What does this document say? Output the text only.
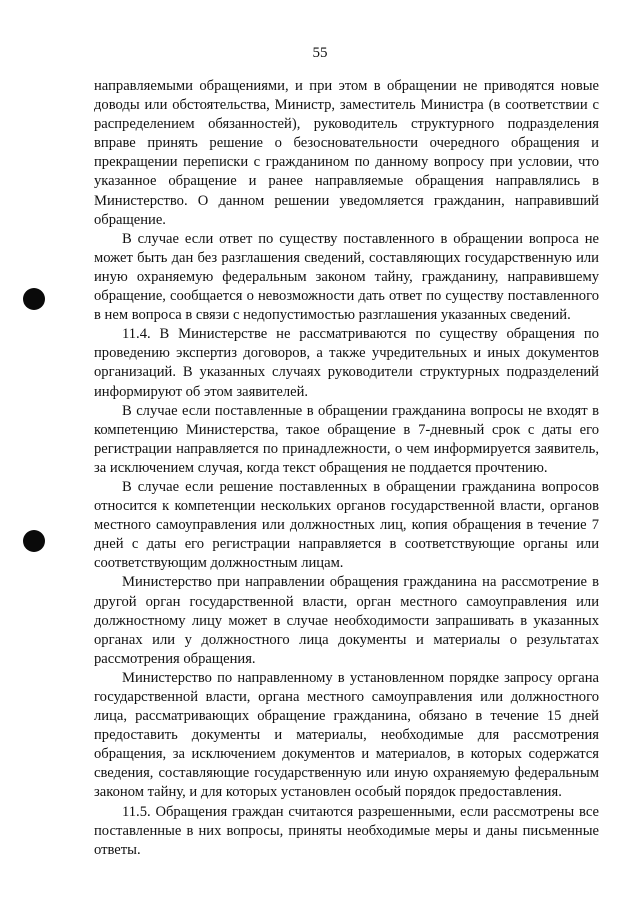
55

направляемыми обращениями, и при этом в обращении не приводятся новые доводы или обстоятельства, Министр, заместитель Министра (в соответствии с распределением обязанностей), руководитель структурного подразделения вправе принять решение о безосновательности очередного обращения и прекращении переписки с гражданином по данному вопросу при условии, что указанное обращение и ранее направляемые обращения направлялись в Министерство. О данном решении уведомляется гражданин, направивший обращение.

В случае если ответ по существу поставленного в обращении вопроса не может быть дан без разглашения сведений, составляющих государственную или иную охраняемую федеральным законом тайну, гражданину, направившему обращение, сообщается о невозможности дать ответ по существу поставленного в нем вопроса в связи с недопустимостью разглашения указанных сведений.

11.4. В Министерстве не рассматриваются по существу обращения по проведению экспертиз договоров, а также учредительных и иных документов организаций. В указанных случаях руководители структурных подразделений информируют об этом заявителей.

В случае если поставленные в обращении гражданина вопросы не входят в компетенцию Министерства, такое обращение в 7-дневный срок с даты его регистрации направляется по принадлежности, о чем информируется заявитель, за исключением случая, когда текст обращения не поддается прочтению.

В случае если решение поставленных в обращении гражданина вопросов относится к компетенции нескольких органов государственной власти, органов местного самоуправления или должностных лиц, копия обращения в течение 7 дней с даты его регистрации направляется в соответствующие органы или соответствующим должностным лицам.

Министерство при направлении обращения гражданина на рассмотрение в другой орган государственной власти, орган местного самоуправления или должностному лицу может в случае необходимости запрашивать в указанных органах или у должностного лица документы и материалы о результатах рассмотрения обращения.

Министерство по направленному в установленном порядке запросу органа государственной власти, органа местного самоуправления или должностного лица, рассматривающих обращение гражданина, обязано в течение 15 дней предоставить документы и материалы, необходимые для рассмотрения обращения, за исключением документов и материалов, в которых содержатся сведения, составляющие государственную или иную охраняемую федеральным законом тайну, и для которых установлен особый порядок предоставления.

11.5. Обращения граждан считаются разрешенными, если рассмотрены все поставленные в них вопросы, приняты необходимые меры и даны письменные ответы.
